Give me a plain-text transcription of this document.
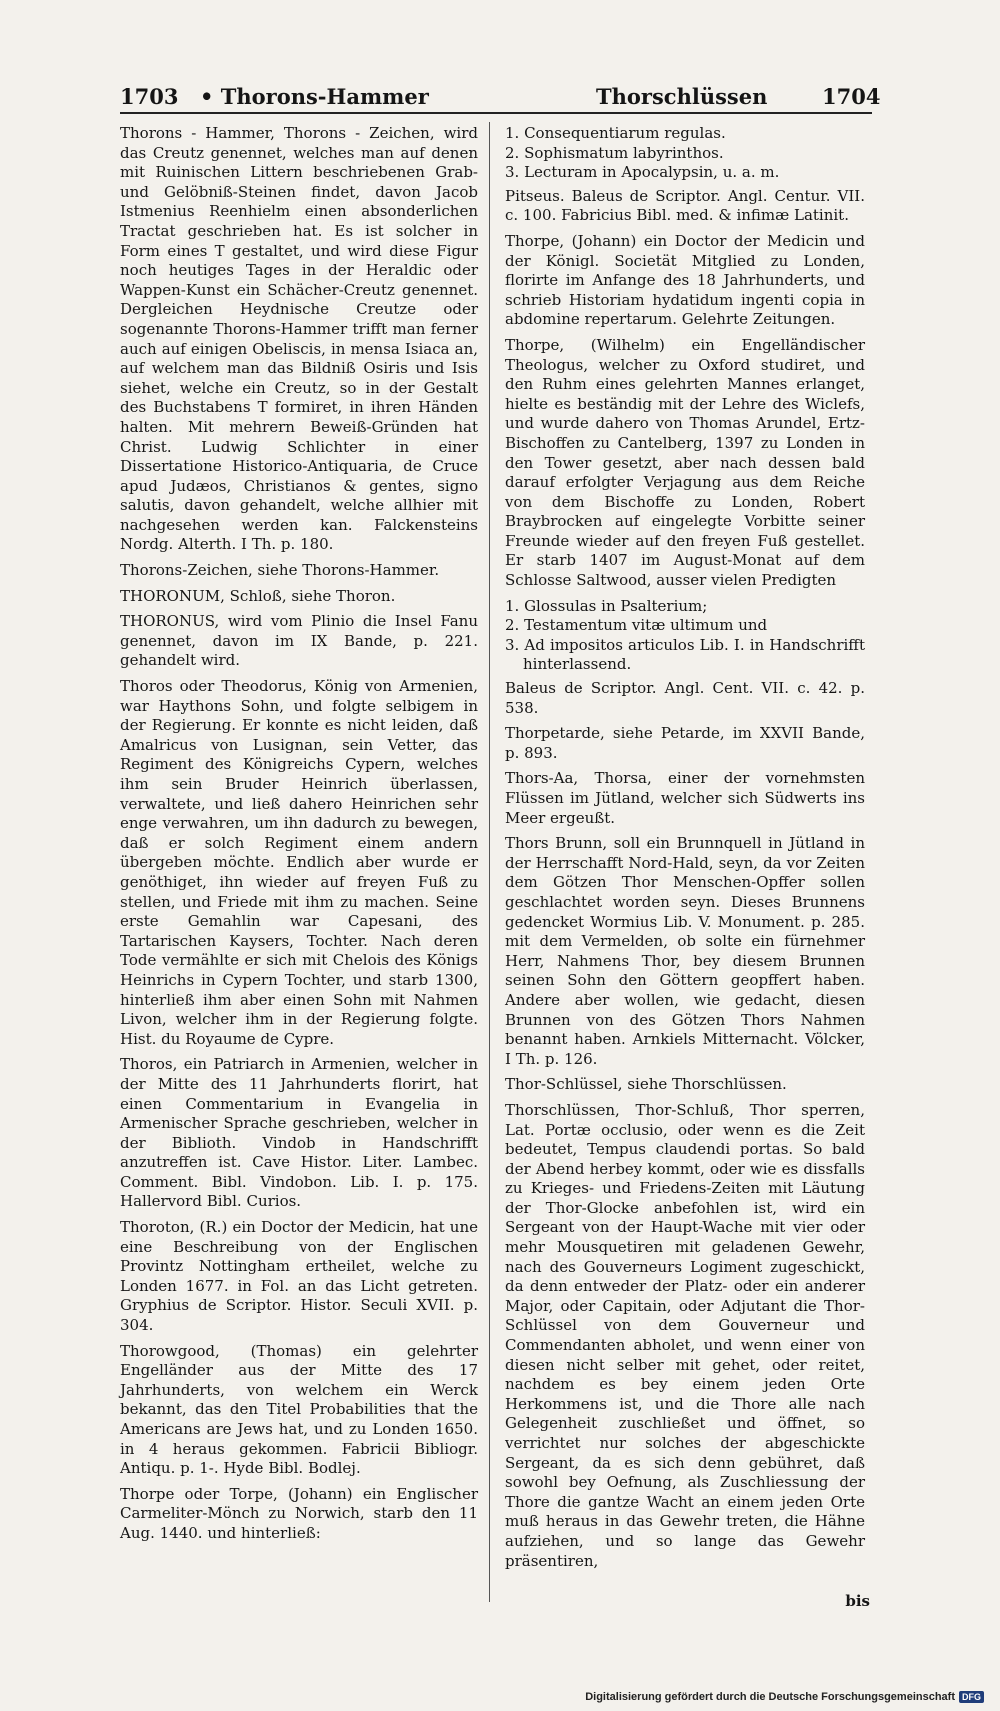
1703 • Thorons-Hammer	Thorschlüssen	1704

Thorons - Hammer, Thorons - Zeichen, wird das Creutz genennet, welches man auf denen mit Ruinischen Littern beschriebenen Grab- und Gelöbniß-Steinen findet, davon Jacob Istmenius Reenhielm einen absonderlichen Tractat geschrieben hat. Es ist solcher in Form eines T gestaltet, und wird diese Figur noch heutiges Tages in der Heraldic oder Wappen-Kunst ein Schächer-Creutz genennet. Dergleichen Heydnische Creutze oder sogenannte Thorons-Hammer trifft man ferner auch auf einigen Obeliscis, in mensa Isiaca an, auf welchem man das Bildniß Osiris und Isis siehet, welche ein Creutz, so in der Gestalt des Buchstabens T formiret, in ihren Händen halten. Mit mehrern Beweiß-Gründen hat Christ. Ludwig Schlichter in einer Dissertatione Historico-Antiquaria, de Cruce apud Judæos, Christianos & gentes, signo salutis, davon gehandelt, welche allhier mit nachgesehen werden kan. Falckensteins Nordg. Alterth. I Th. p. 180.

Thorons-Zeichen, siehe Thorons-Hammer.

THORONUM, Schloß, siehe Thoron.

THORONUS, wird vom Plinio die Insel Fanu genennet, davon im IX Bande, p. 221. gehandelt wird.

Thoros oder Theodorus, König von Armenien, war Haythons Sohn, und folgte selbigem in der Regierung. Er konnte es nicht leiden, daß Amalricus von Lusignan, sein Vetter, das Regiment des Königreichs Cypern, welches ihm sein Bruder Heinrich überlassen, verwaltete, und ließ dahero Heinrichen sehr enge verwahren, um ihn dadurch zu bewegen, daß er solch Regiment einem andern übergeben möchte. Endlich aber wurde er genöthiget, ihn wieder auf freyen Fuß zu stellen, und Friede mit ihm zu machen. Seine erste Gemahlin war Capesani, des Tartarischen Kaysers, Tochter. Nach deren Tode vermählte er sich mit Chelois des Königs Heinrichs in Cypern Tochter, und starb 1300, hinterließ ihm aber einen Sohn mit Nahmen Livon, welcher ihm in der Regierung folgte. Hist. du Royaume de Cypre.

Thoros, ein Patriarch in Armenien, welcher in der Mitte des 11 Jahrhunderts florirt, hat einen Commentarium in Evangelia in Armenischer Sprache geschrieben, welcher in der Biblioth. Vindob in Handschrifft anzutreffen ist. Cave Histor. Liter. Lambec. Comment. Bibl. Vindobon. Lib. I. p. 175. Hallervord Bibl. Curios.

Thoroton, (R.) ein Doctor der Medicin, hat une eine Beschreibung von der Englischen Provintz Nottingham ertheilet, welche zu Londen 1677. in Fol. an das Licht getreten. Gryphius de Scriptor. Histor. Seculi XVII. p. 304.

Thorowgood, (Thomas) ein gelehrter Engelländer aus der Mitte des 17 Jahrhunderts, von welchem ein Werck bekannt, das den Titel Probabilities that the Americans are Jews hat, und zu Londen 1650. in 4 heraus gekommen. Fabricii Bibliogr. Antiqu. p. 1-. Hyde Bibl. Bodlej.

Thorpe oder Torpe, (Johann) ein Englischer Carmeliter-Mönch zu Norwich, starb den 11 Aug. 1440. und hinterließ:

1. Consequentiarum regulas.
2. Sophismatum labyrinthos.
3. Lecturam in Apocalypsin, u. a. m.

Pitseus. Baleus de Scriptor. Angl. Centur. VII. c. 100. Fabricius Bibl. med. & infimæ Latinit.

Thorpe, (Johann) ein Doctor der Medicin und der Königl. Societät Mitglied zu Londen, florirte im Anfange des 18 Jahrhunderts, und schrieb Historiam hydatidum ingenti copia in abdomine repertarum. Gelehrte Zeitungen.

Thorpe, (Wilhelm) ein Engelländischer Theologus, welcher zu Oxford studiret, und den Ruhm eines gelehrten Mannes erlanget, hielte es beständig mit der Lehre des Wiclefs, und wurde dahero von Thomas Arundel, Ertz-Bischoffen zu Cantelberg, 1397 zu Londen in den Tower gesetzt, aber nach dessen bald darauf erfolgter Verjagung aus dem Reiche von dem Bischoffe zu Londen, Robert Braybrocken auf eingelegte Vorbitte seiner Freunde wieder auf den freyen Fuß gestellet. Er starb 1407 im August-Monat auf dem Schlosse Saltwood, ausser vielen Predigten

1. Glossulas in Psalterium;
2. Testamentum vitæ ultimum und
3. Ad impositos articulos Lib. I. in Handschrifft hinterlassend.

Baleus de Scriptor. Angl. Cent. VII. c. 42. p. 538.

Thorpetarde, siehe Petarde, im XXVII Bande, p. 893.

Thors-Aa, Thorsa, einer der vornehmsten Flüssen im Jütland, welcher sich Südwerts ins Meer ergeußt.

Thors Brunn, soll ein Brunnquell in Jütland in der Herrschafft Nord-Hald, seyn, da vor Zeiten dem Götzen Thor Menschen-Opffer sollen geschlachtet worden seyn. Dieses Brunnens gedencket Wormius Lib. V. Monument. p. 285. mit dem Vermelden, ob solte ein fürnehmer Herr, Nahmens Thor, bey diesem Brunnen seinen Sohn den Göttern geopffert haben. Andere aber wollen, wie gedacht, diesen Brunnen von des Götzen Thors Nahmen benannt haben. Arnkiels Mitternacht. Völcker, I Th. p. 126.

Thor-Schlüssel, siehe Thorschlüssen.

Thorschlüssen, Thor-Schluß, Thor sperren, Lat. Portæ occlusio, oder wenn es die Zeit bedeutet, Tempus claudendi portas. So bald der Abend herbey kommt, oder wie es dissfalls zu Krieges- und Friedens-Zeiten mit Läutung der Thor-Glocke anbefohlen ist, wird ein Sergeant von der Haupt-Wache mit vier oder mehr Mousquetiren mit geladenen Gewehr, nach des Gouverneurs Logiment zugeschickt, da denn entweder der Platz- oder ein anderer Major, oder Capitain, oder Adjutant die Thor-Schlüssel von dem Gouverneur und Commendanten abholet, und wenn einer von diesen nicht selber mit gehet, oder reitet, nachdem es bey einem jeden Orte Herkommens ist, und die Thore alle nach Gelegenheit zuschließet und öffnet, so verrichtet nur solches der abgeschickte Sergeant, da es sich denn gebühret, daß sowohl bey Oefnung, als Zuschliessung der Thore die gantze Wacht an einem jeden Orte muß heraus in das Gewehr treten, die Hähne aufziehen, und so lange das Gewehr präsentiren,

bis
Digitalisierung gefördert durch die Deutsche Forschungsgemeinschaft DFG
